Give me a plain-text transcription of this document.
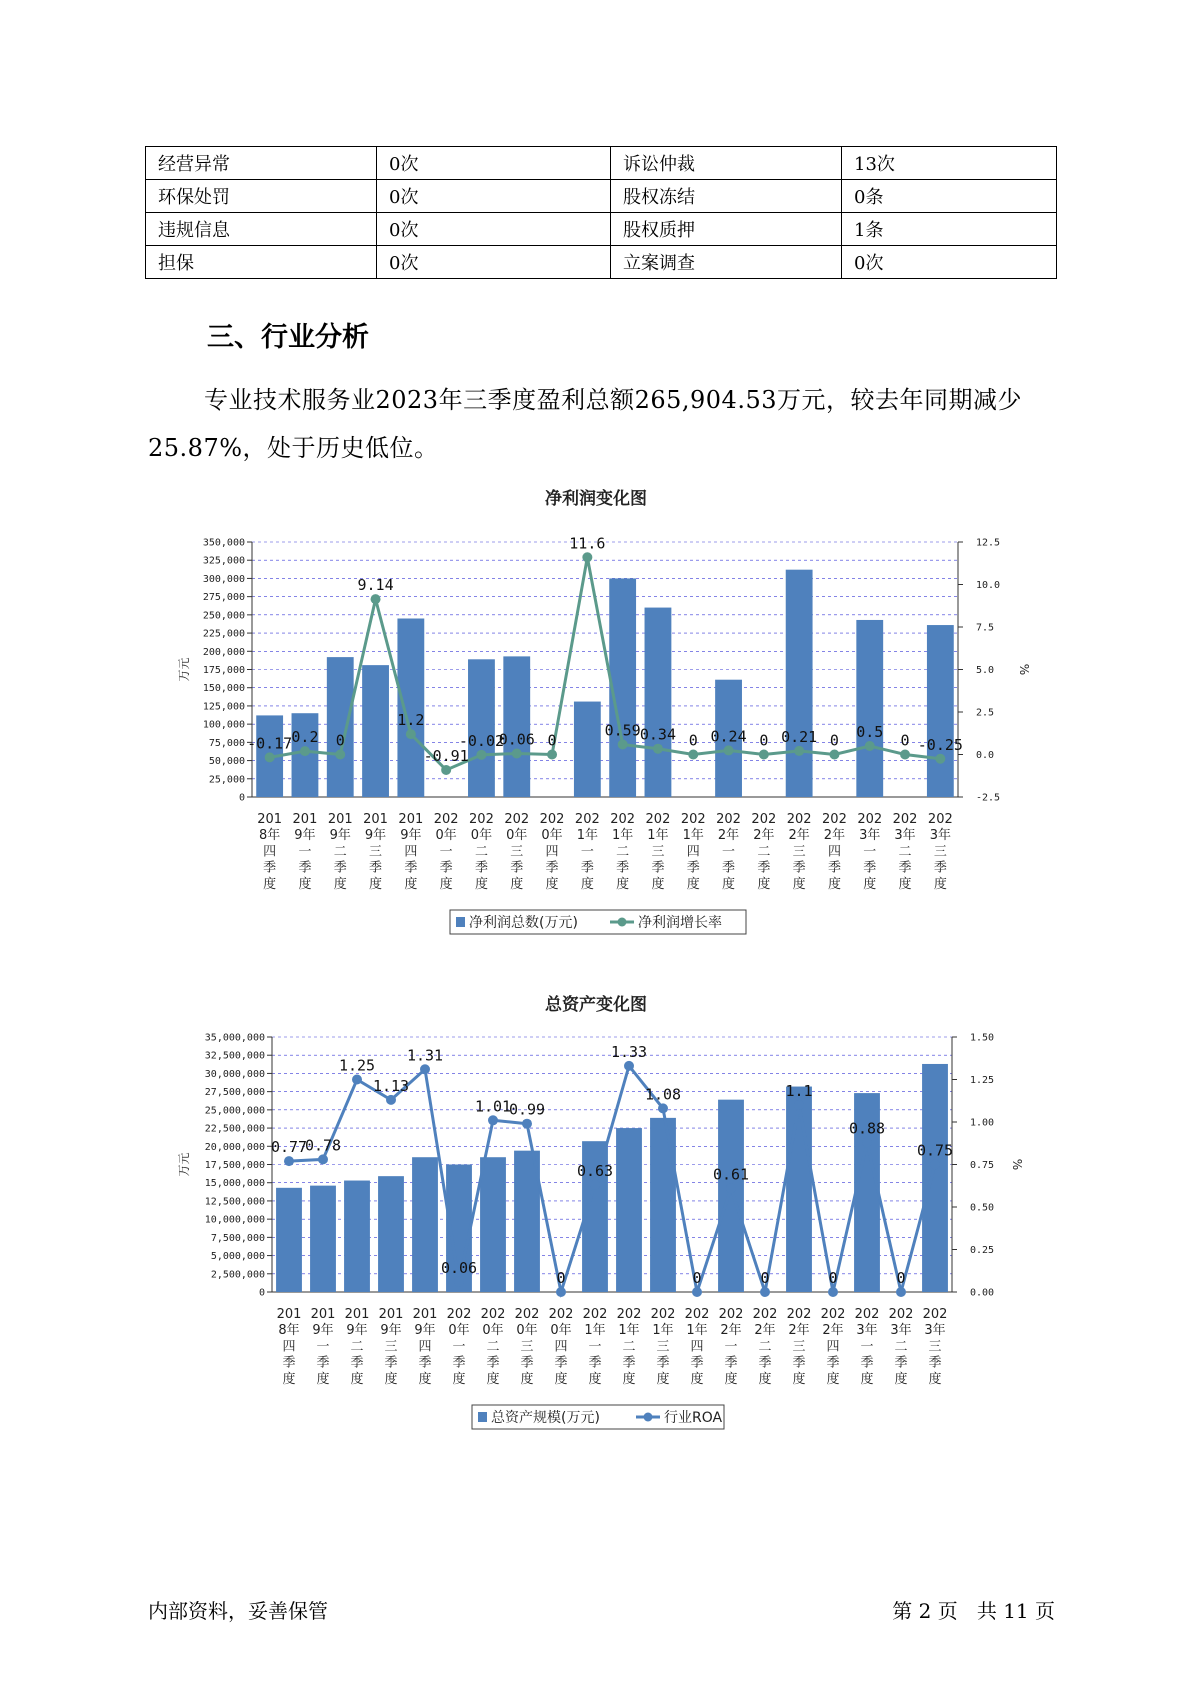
经营异常	0次	诉讼仲裁	13次
环保处罚	0次	股权冻结	0条
违规信息	0次	股权质押	1条
担保	0次	立案调查	0次
三、行业分析
专业技术服务业2023年三季度盈利总额265,904.53万元，较去年同期减少25.87%，处于历史低位。
净利润变化图
0
25,000
50,000
75,000
100,000
125,000
150,000
175,000
200,000
225,000
250,000
275,000
300,000
325,000
350,000
-2.5
0.0
2.5
5.0
7.5
10.0
12.5
万元	%
201
8年
四
季
度
201
9年
一
季
度
201
9年
二
季
度
201
9年
三
季
度
201
9年
四
季
度
202
0年
一
季
度
202
0年
二
季
度
202
0年
三
季
度
202
0年
四
季
度
202
1年
一
季
度
202
1年
二
季
度
202
1年
三
季
度
202
1年
四
季
度
202
2年
一
季
度
202
2年
二
季
度
202
2年
三
季
度
202
2年
四
季
度
202
3年
一
季
度
202
3年
二
季
度
202
3年
三
季
度
-0.17 0.2 0
9.14
1.2
-0.91
-0.02
0.06 0
11.6
0.59 0.34 0 0.24 0 0.21 0 0.5 0 -0.25
净利润总数(万元)	净利润增长率
总资产变化图
0
2,500,000
5,000,000
7,500,000
10,000,000
12,500,000
15,000,000
17,500,000
20,000,000
22,500,000
25,000,000
27,500,000
30,000,000
32,500,000
35,000,000
0.00
0.25
0.50
0.75
1.00
1.25
1.50
万元	%
201
8年
四
季
度
201
9年
一
季
度
201
9年
二
季
度
201
9年
三
季
度
201
9年
四
季
度
202
0年
一
季
度
202
0年
二
季
度
202
0年
三
季
度
202
0年
四
季
度
202
1年
一
季
度
202
1年
二
季
度
202
1年
三
季
度
202
1年
四
季
度
202
2年
一
季
度
202
2年
二
季
度
202
2年
三
季
度
202
2年
四
季
度
202
3年
一
季
度
202
3年
二
季
度
202
3年
三
季
度
0.77
0.78
1.25
1.13
1.31
0.06
1.01
0.99
0
0.63
1.33
1.08
0
0.61
0
1.1
0
0.88
0
0.75
总资产规模(万元)	行业ROA
内部资料，妥善保管	第 2 页 共 11 页
